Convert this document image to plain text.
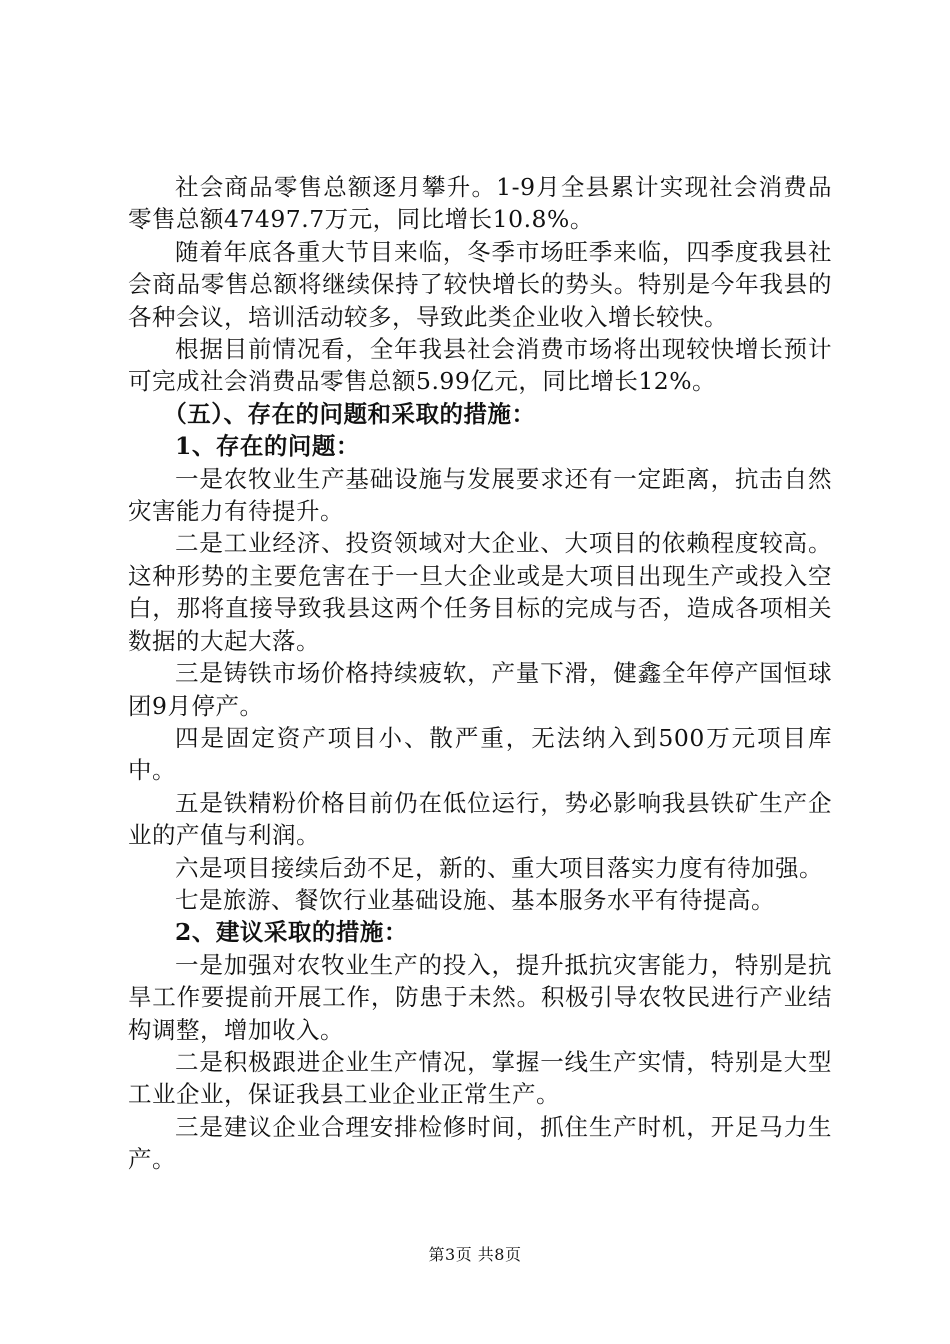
社会商品零售总额逐月攀升。1-9月全县累计实现社会消费品零售总额47497.7万元，同比增长10.8%。

随着年底各重大节目来临，冬季市场旺季来临，四季度我县社会商品零售总额将继续保持了较快增长的势头。特别是今年我县的各种会议，培训活动较多，导致此类企业收入增长较快。

根据目前情况看，全年我县社会消费市场将出现较快增长预计可完成社会消费品零售总额5.99亿元，同比增长12%。

（五）、存在的问题和采取的措施：

1、存在的问题：

一是农牧业生产基础设施与发展要求还有一定距离，抗击自然灾害能力有待提升。

二是工业经济、投资领域对大企业、大项目的依赖程度较高。这种形势的主要危害在于一旦大企业或是大项目出现生产或投入空白，那将直接导致我县这两个任务目标的完成与否，造成各项相关数据的大起大落。

三是铸铁市场价格持续疲软，产量下滑，健鑫全年停产国恒球团9月停产。

四是固定资产项目小、散严重，无法纳入到500万元项目库中。

五是铁精粉价格目前仍在低位运行，势必影响我县铁矿生产企业的产值与利润。

六是项目接续后劲不足，新的、重大项目落实力度有待加强。

七是旅游、餐饮行业基础设施、基本服务水平有待提高。

2、建议采取的措施：

一是加强对农牧业生产的投入，提升抵抗灾害能力，特别是抗旱工作要提前开展工作，防患于未然。积极引导农牧民进行产业结构调整，增加收入。

二是积极跟进企业生产情况，掌握一线生产实情，特别是大型工业企业，保证我县工业企业正常生产。

三是建议企业合理安排检修时间，抓住生产时机，开足马力生产。

第3页 共8页
